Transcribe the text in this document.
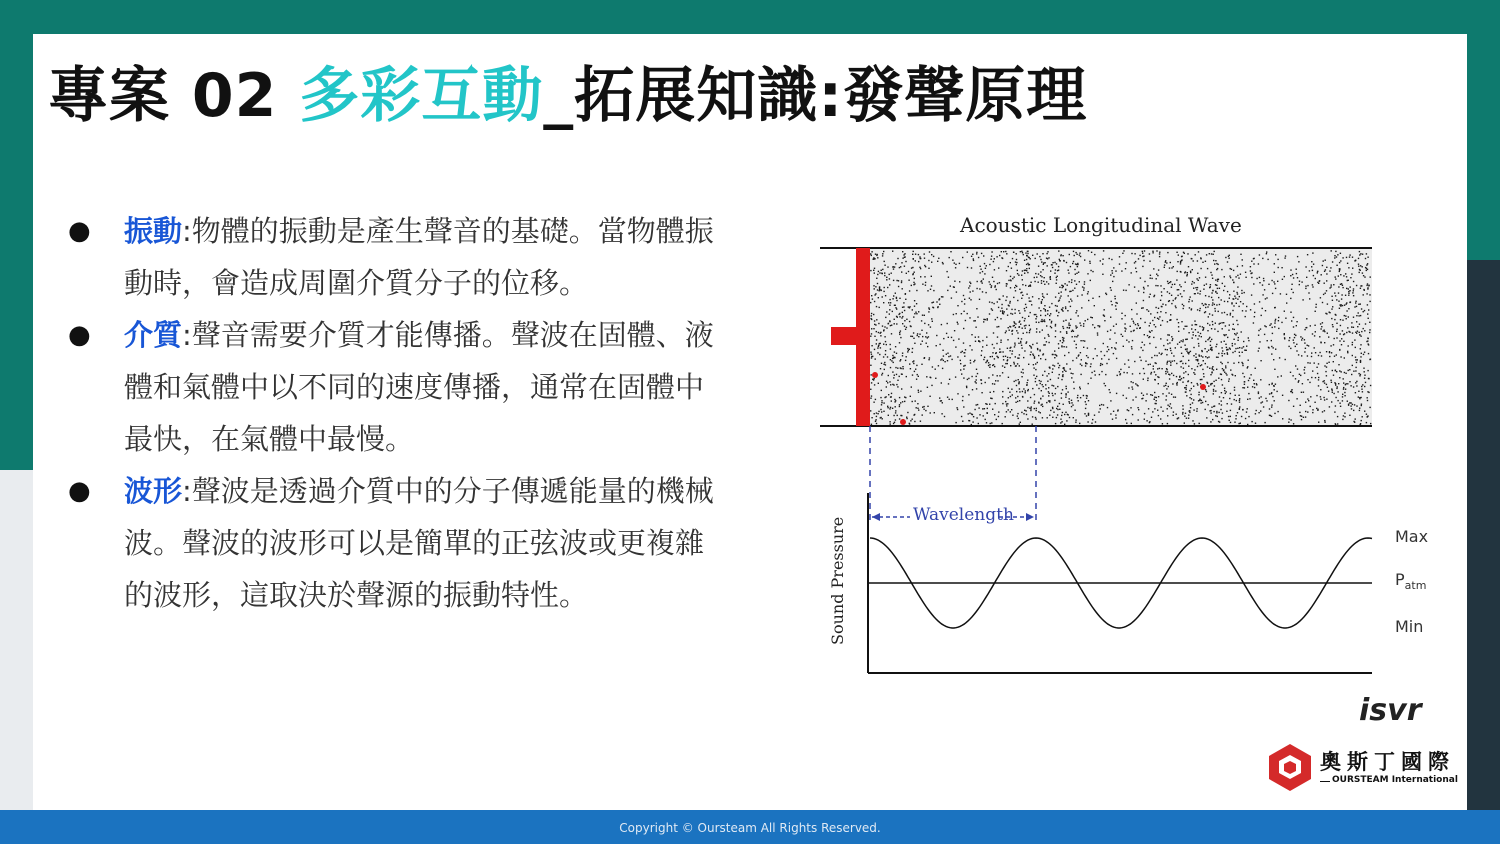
專案 02 多彩互動_拓展知識:發聲原理
● 振動:物體的振動是產生聲音的基礎。當物體振動時，會造成周圍介質分子的位移。
● 介質:聲音需要介質才能傳播。聲波在固體、液體和氣體中以不同的速度傳播，通常在固體中最快，在氣體中最慢。
● 波形:聲波是透過介質中的分子傳遞能量的機械波。聲波的波形可以是簡單的正弦波或更複雜的波形，這取決於聲源的振動特性。
Acoustic Longitudinal Wave
Wavelength
Max
$P_{atm}$
Min
Sound Pressure
isvr
奧斯丁國際
OURSTEAM International
Copyright © Oursteam All Rights Reserved.
